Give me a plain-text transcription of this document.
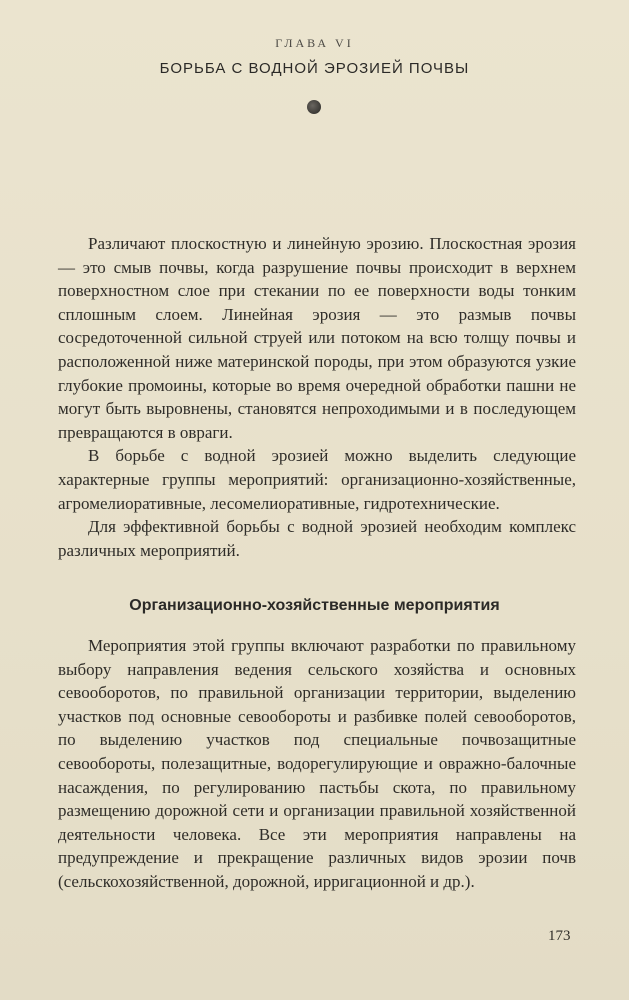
ГЛАВА VI
БОРЬБА С ВОДНОЙ ЭРОЗИЕЙ ПОЧВЫ

Различают плоскостную и линейную эрозию. Плоскостная эрозия — это смыв почвы, когда разрушение почвы происходит в верхнем поверхностном слое при стекании по ее поверхности воды тонким сплошным слоем. Линейная эрозия — это размыв почвы сосредоточенной сильной струей или потоком на всю толщу почвы и расположенной ниже материнской породы, при этом образуются узкие глубокие промоины, которые во время очередной обработки пашни не могут быть выровнены, становятся непроходимыми и в последующем превращаются в овраги.

В борьбе с водной эрозией можно выделить следующие характерные группы мероприятий: организационно-хозяйственные, агромелиоративные, лесомелиоративные, гидротехнические.

Для эффективной борьбы с водной эрозией необходим комплекс различных мероприятий.

Организационно-хозяйственные мероприятия

Мероприятия этой группы включают разработки по правильному выбору направления ведения сельского хозяйства и основных севооборотов, по правильной организации территории, выделению участков под основные севообороты и разбивке полей севооборотов, по выделению участков под специальные почвозащитные севообороты, полезащитные, водорегулирующие и овражно-балочные насаждения, по регулированию пастьбы скота, по правильному размещению дорожной сети и организации правильной хозяйственной деятельности человека. Все эти мероприятия направлены на предупреждение и прекращение различных видов эрозии почв (сельскохозяйственной, дорожной, ирригационной и др.).

173
